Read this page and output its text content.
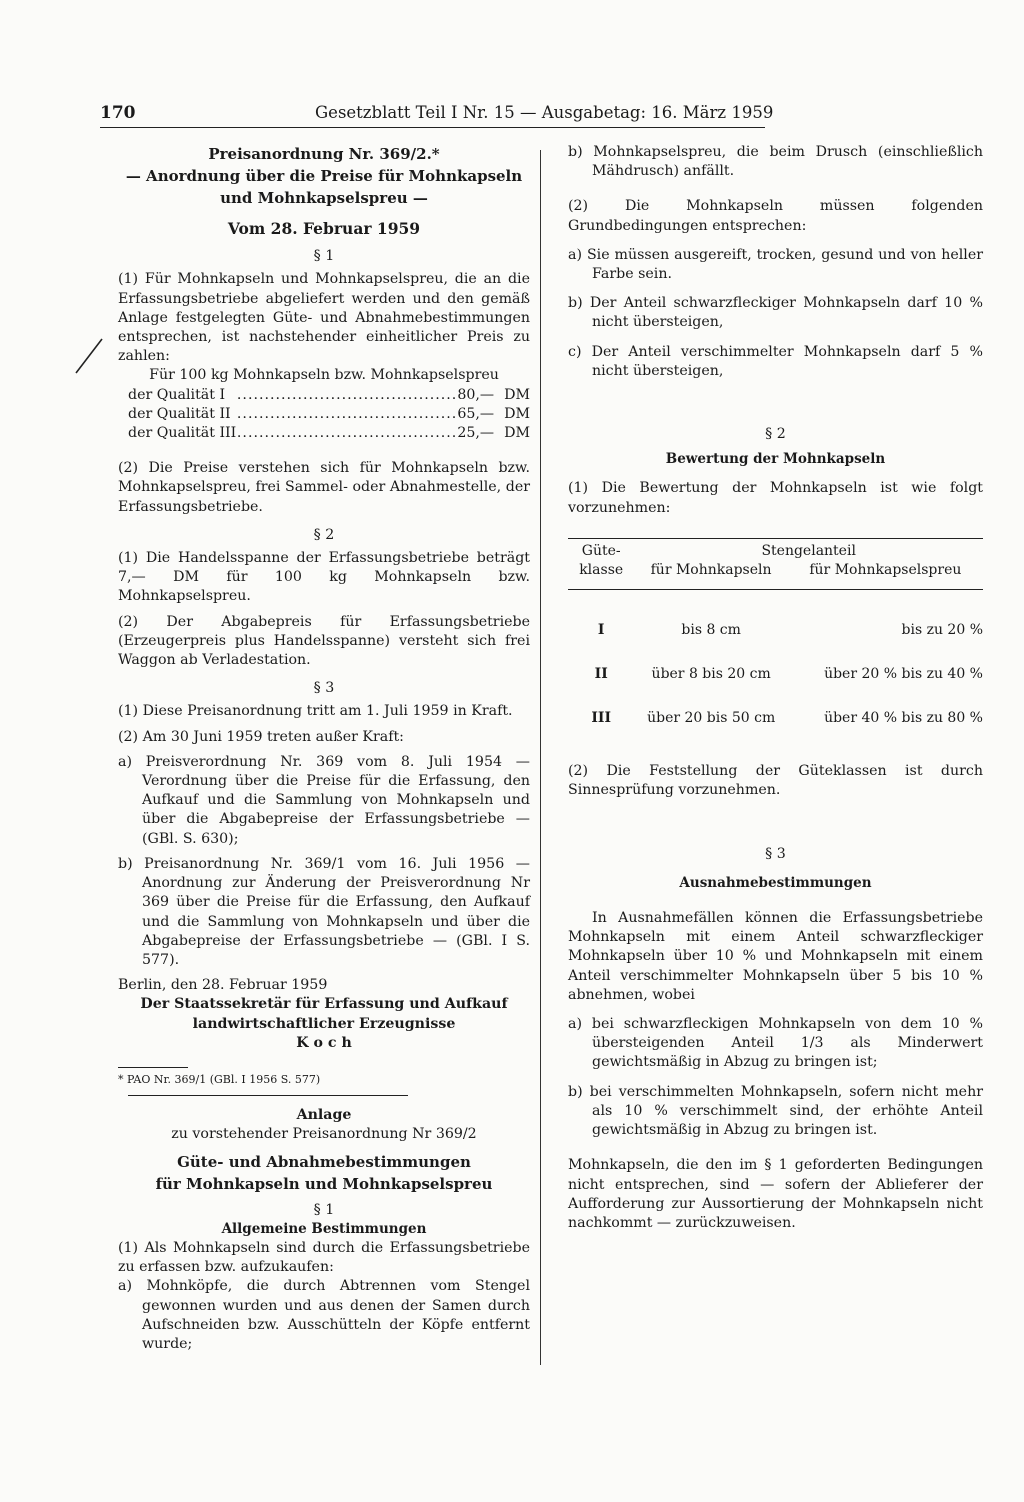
170	Gesetzblatt Teil I Nr. 15 — Ausgabetag: 16. März 1959

Preisanordnung Nr. 369/2.*

— Anordnung über die Preise für Mohnkapseln

und Mohnkapselspreu —

Vom 28. Februar 1959

§ 1

(1) Für Mohnkapseln und Mohnkapselspreu, die an die Erfassungsbetriebe abgeliefert werden und den gemäß Anlage festgelegten Güte- und Abnahmebestimmungen entsprechen, ist nachstehender einheitlicher Preis zu zahlen:

Für 100 kg Mohnkapseln bzw. Mohnkapselspreu

der Qualität I ........................................ 80,— DM
der Qualität II ........................................ 65,— DM
der Qualität III ........................................ 25,— DM

(2) Die Preise verstehen sich für Mohnkapseln bzw. Mohnkapselspreu, frei Sammel- oder Abnahmestelle, der Erfassungsbetriebe.

§ 2

(1) Die Handelsspanne der Erfassungsbetriebe beträgt 7,— DM für 100 kg Mohnkapseln bzw. Mohnkapselspreu.

(2) Der Abgabepreis für Erfassungsbetriebe (Erzeugerpreis plus Handelsspanne) versteht sich frei Waggon ab Verladestation.

§ 3

(1) Diese Preisanordnung tritt am 1. Juli 1959 in Kraft.

(2) Am 30 Juni 1959 treten außer Kraft:

a) Preisverordnung Nr. 369 vom 8. Juli 1954 — Verordnung über die Preise für die Erfassung, den Aufkauf und die Sammlung von Mohnkapseln und über die Abgabepreise der Erfassungsbetriebe — (GBl. S. 630);

b) Preisanordnung Nr. 369/1 vom 16. Juli 1956 — Anordnung zur Änderung der Preisverordnung Nr 369 über die Preise für die Erfassung, den Aufkauf und die Sammlung von Mohnkapseln und über die Abgabepreise der Erfassungsbetriebe — (GBl. I S. 577).

Berlin, den 28. Februar 1959

Der Staatssekretär für Erfassung und Aufkauf

landwirtschaftlicher Erzeugnisse

K o c h

* PAO Nr. 369/1 (GBl. I 1956 S. 577)

Anlage

zu vorstehender Preisanordnung Nr 369/2

Güte- und Abnahmebestimmungen

für Mohnkapseln und Mohnkapselspreu

§ 1

Allgemeine Bestimmungen

(1) Als Mohnkapseln sind durch die Erfassungsbetriebe zu erfassen bzw. aufzukaufen:

a) Mohnköpfe, die durch Abtrennen vom Stengel gewonnen wurden und aus denen der Samen durch Aufschneiden bzw. Ausschütteln der Köpfe entfernt wurde;

b) Mohnkapselspreu, die beim Drusch (einschließlich Mähdrusch) anfällt.

(2) Die Mohnkapseln müssen folgenden Grundbedingungen entsprechen:

a) Sie müssen ausgereift, trocken, gesund und von heller Farbe sein.

b) Der Anteil schwarzfleckiger Mohnkapseln darf 10 % nicht übersteigen,

c) Der Anteil verschimmelter Mohnkapseln darf 5 % nicht übersteigen,

§ 2

Bewertung der Mohnkapseln

(1) Die Bewertung der Mohnkapseln ist wie folgt vorzunehmen:

Güte-
klasse	Stengelanteil
für Mohnkapseln für Mohnkapselspreu	

I	bis 8 cm	bis zu 20 %
II	über 8 bis 20 cm	über 20 % bis zu 40 %
III	über 20 bis 50 cm	über 40 % bis zu 80 %

(2) Die Feststellung der Güteklassen ist durch Sinnesprüfung vorzunehmen.

§ 3

Ausnahmebestimmungen

In Ausnahmefällen können die Erfassungsbetriebe Mohnkapseln mit einem Anteil schwarzfleckiger Mohnkapseln über 10 % und Mohnkapseln mit einem Anteil verschimmelter Mohnkapseln über 5 bis 10 % abnehmen, wobei

a) bei schwarzfleckigen Mohnkapseln von dem 10 % übersteigenden Anteil 1/3 als Minderwert gewichtsmäßig in Abzug zu bringen ist;

b) bei verschimmelten Mohnkapseln, sofern nicht mehr als 10 % verschimmelt sind, der erhöhte Anteil gewichtsmäßig in Abzug zu bringen ist.

Mohnkapseln, die den im § 1 geforderten Bedingungen nicht entsprechen, sind — sofern der Ablieferer der Aufforderung zur Aussortierung der Mohnkapseln nicht nachkommt — zurückzuweisen.
